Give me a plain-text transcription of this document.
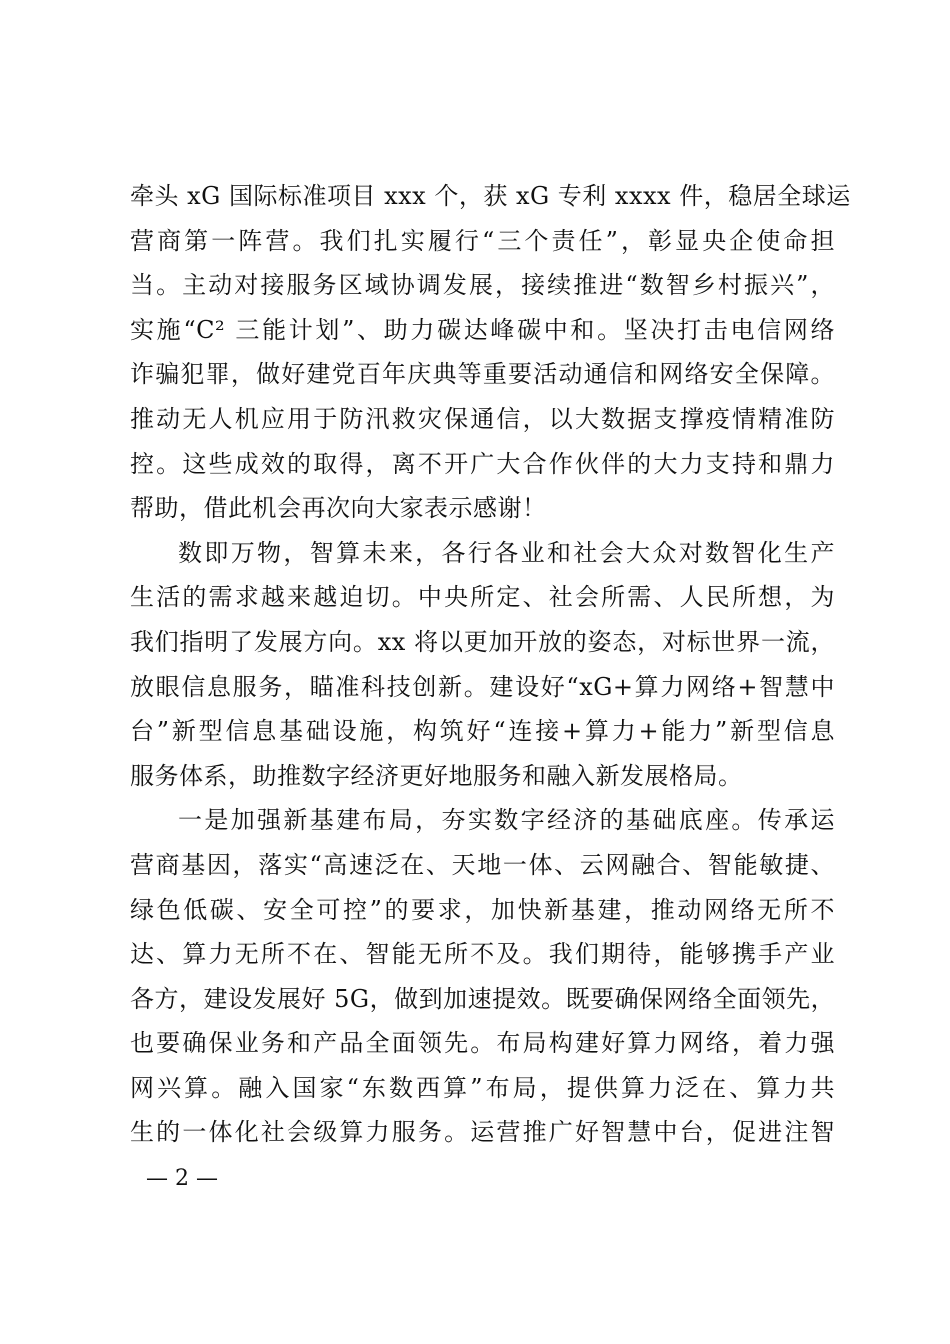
牵头 xG 国际标准项目 xxx 个，获 xG 专利 xxxx 件，稳居全球运
营商第一阵营。我们扎实履行“三个责任”，彰显央企使命担
当。主动对接服务区域协调发展，接续推进“数智乡村振兴”，
实施“C² 三能计划”、助力碳达峰碳中和。坚决打击电信网络
诈骗犯罪，做好建党百年庆典等重要活动通信和网络安全保障。
推动无人机应用于防汛救灾保通信，以大数据支撑疫情精准防
控。这些成效的取得，离不开广大合作伙伴的大力支持和鼎力
帮助，借此机会再次向大家表示感谢！
数即万物，智算未来，各行各业和社会大众对数智化生产
生活的需求越来越迫切。中央所定、社会所需、人民所想，为
我们指明了发展方向。xx 将以更加开放的姿态，对标世界一流，
放眼信息服务，瞄准科技创新。建设好“xG+算力网络+智慧中
台”新型信息基础设施，构筑好“连接+算力+能力”新型信息
服务体系，助推数字经济更好地服务和融入新发展格局。
一是加强新基建布局，夯实数字经济的基础底座。传承运
营商基因，落实“高速泛在、天地一体、云网融合、智能敏捷、
绿色低碳、安全可控”的要求，加快新基建，推动网络无所不
达、算力无所不在、智能无所不及。我们期待，能够携手产业
各方，建设发展好 5G，做到加速提效。既要确保网络全面领先，
也要确保业务和产品全面领先。布局构建好算力网络，着力强
网兴算。融入国家“东数西算”布局，提供算力泛在、算力共
生的一体化社会级算力服务。运营推广好智慧中台，促进注智
— 2 —
